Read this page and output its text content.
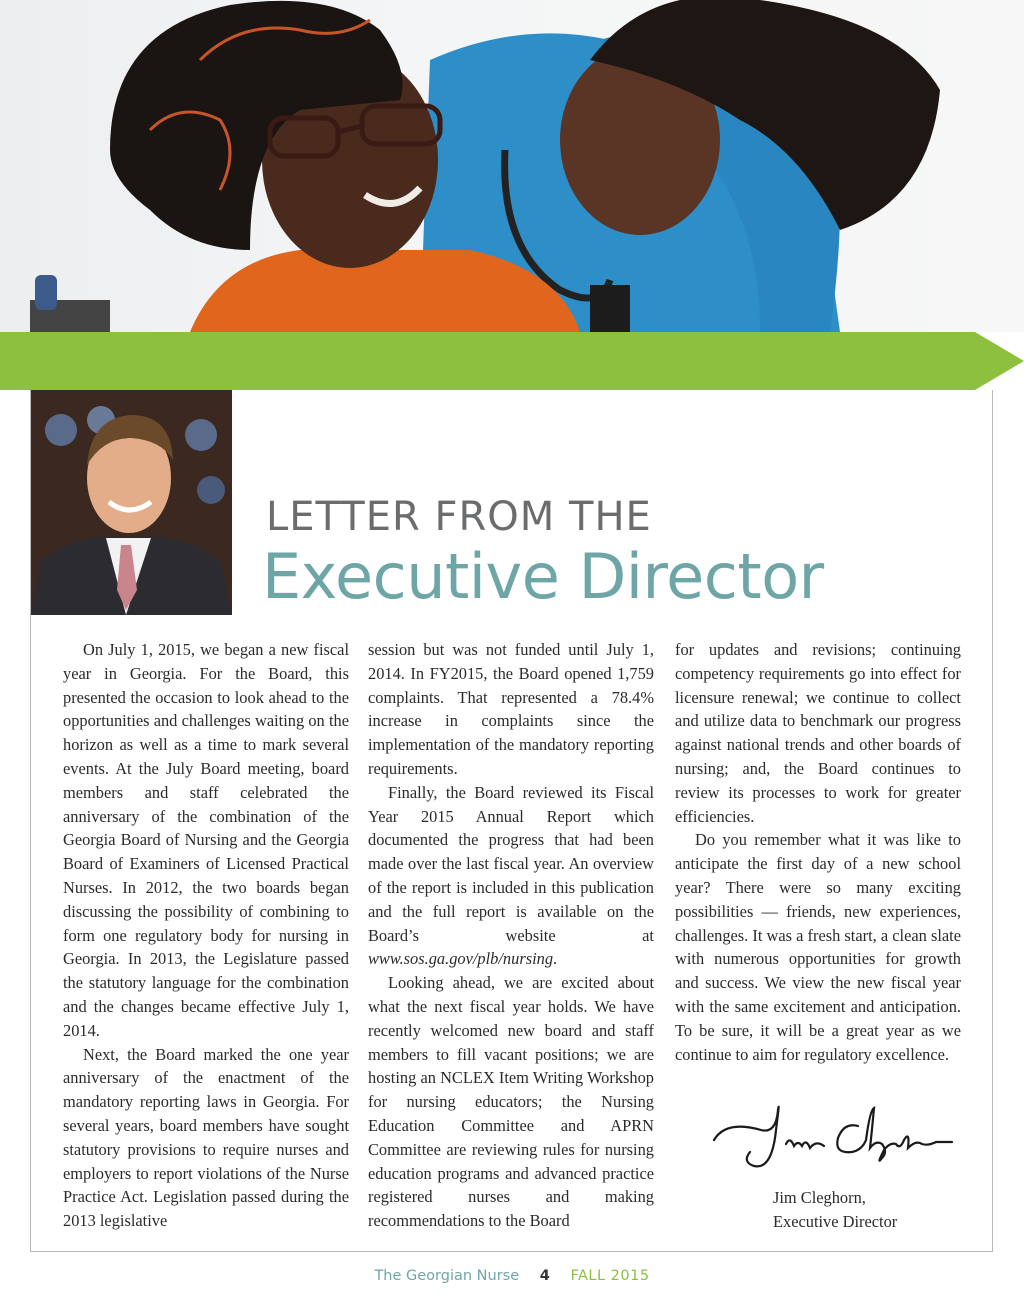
LETTER FROM THE
Executive Director

On July 1, 2015, we began a new fiscal year in Georgia. For the Board, this presented the occasion to look ahead to the opportunities and challenges waiting on the horizon as well as a time to mark several events. At the July Board meeting, board members and staff celebrated the anniversary of the combination of the Georgia Board of Nursing and the Georgia Board of Examiners of Licensed Practical Nurses. In 2012, the two boards began discussing the possibility of combining to form one regulatory body for nursing in Georgia. In 2013, the Legislature passed the statutory language for the combination and the changes became effective July 1, 2014.

Next, the Board marked the one year anniversary of the enactment of the mandatory reporting laws in Georgia. For several years, board members have sought statutory provisions to require nurses and employers to report violations of the Nurse Practice Act. Legislation passed during the 2013 legislative

session but was not funded until July 1, 2014. In FY2015, the Board opened 1,759 complaints. That represented a 78.4% increase in complaints since the implementation of the mandatory reporting requirements.

Finally, the Board reviewed its Fiscal Year 2015 Annual Report which documented the progress that had been made over the last fiscal year. An overview of the report is included in this publication and the full report is available on the Board’s website at www.sos.ga.gov/plb/nursing.

Looking ahead, we are excited about what the next fiscal year holds. We have recently welcomed new board and staff members to fill vacant positions; we are hosting an NCLEX Item Writing Workshop for nursing educators; the Nursing Education Committee and APRN Committee are reviewing rules for nursing education programs and advanced practice registered nurses and making recommendations to the Board

for updates and revisions; continuing competency requirements go into effect for licensure renewal; we continue to collect and utilize data to benchmark our progress against national trends and other boards of nursing; and, the Board continues to review its processes to work for greater efficiencies.

Do you remember what it was like to anticipate the first day of a new school year? There were so many exciting possibilities — friends, new experiences, challenges. It was a fresh start, a clean slate with numerous opportunities for growth and success. We view the new fiscal year with the same excitement and anticipation. To be sure, it will be a great year as we continue to aim for regulatory excellence.

Jim Cleghorn,
Executive Director
The Georgian Nurse 4 FALL 2015
